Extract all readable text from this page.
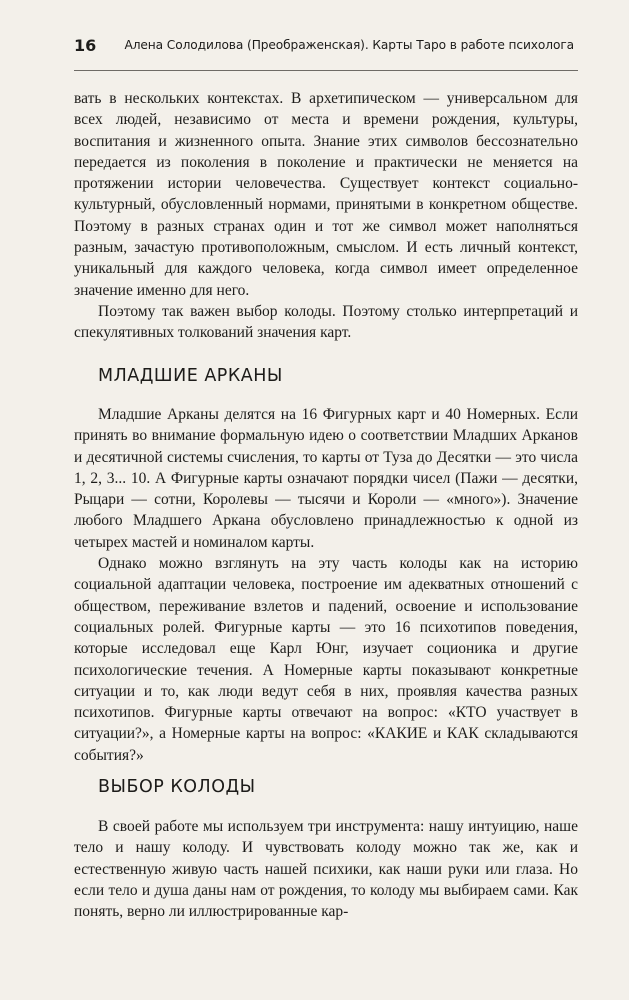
16 Алена Солодилова (Преображенская). Карты Таро в работе психолога

вать в нескольких контекстах. В архетипическом — универсальном для всех людей, независимо от места и времени рождения, культуры, воспитания и жизненного опыта. Знание этих символов бессознательно передается из поколения в поколение и практически не меняется на протяжении истории человечества. Существует контекст социально-культурный, обусловленный нормами, принятыми в конкретном обществе. Поэтому в разных странах один и тот же символ может наполняться разным, зачастую противоположным, смыслом. И есть личный контекст, уникальный для каждого человека, когда символ имеет определенное значение именно для него.

Поэтому так важен выбор колоды. Поэтому столько интерпретаций и спекулятивных толкований значения карт.

МЛАДШИЕ АРКАНЫ

Младшие Арканы делятся на 16 Фигурных карт и 40 Номерных. Если принять во внимание формальную идею о соответствии Младших Арканов и десятичной системы счисления, то карты от Туза до Десятки — это числа 1, 2, 3... 10. А Фигурные карты означают порядки чисел (Пажи — десятки, Рыцари — сотни, Королевы — тысячи и Короли — «много»). Значение любого Младшего Аркана обусловлено принадлежностью к одной из четырех мастей и номиналом карты.

Однако можно взглянуть на эту часть колоды как на историю социальной адаптации человека, построение им адекватных отношений с обществом, переживание взлетов и падений, освоение и использование социальных ролей. Фигурные карты — это 16 психотипов поведения, которые исследовал еще Карл Юнг, изучает соционика и другие психологические течения. А Номерные карты показывают конкретные ситуации и то, как люди ведут себя в них, проявляя качества разных психотипов. Фигурные карты отвечают на вопрос: «КТО участвует в ситуации?», а Номерные карты на вопрос: «КАКИЕ и КАК складываются события?»

ВЫБОР КОЛОДЫ

В своей работе мы используем три инструмента: нашу интуицию, наше тело и нашу колоду. И чувствовать колоду можно так же, как и естественную живую часть нашей психики, как наши руки или глаза. Но если тело и душа даны нам от рождения, то колоду мы выбираем сами. Как понять, верно ли иллюстрированные кар-
